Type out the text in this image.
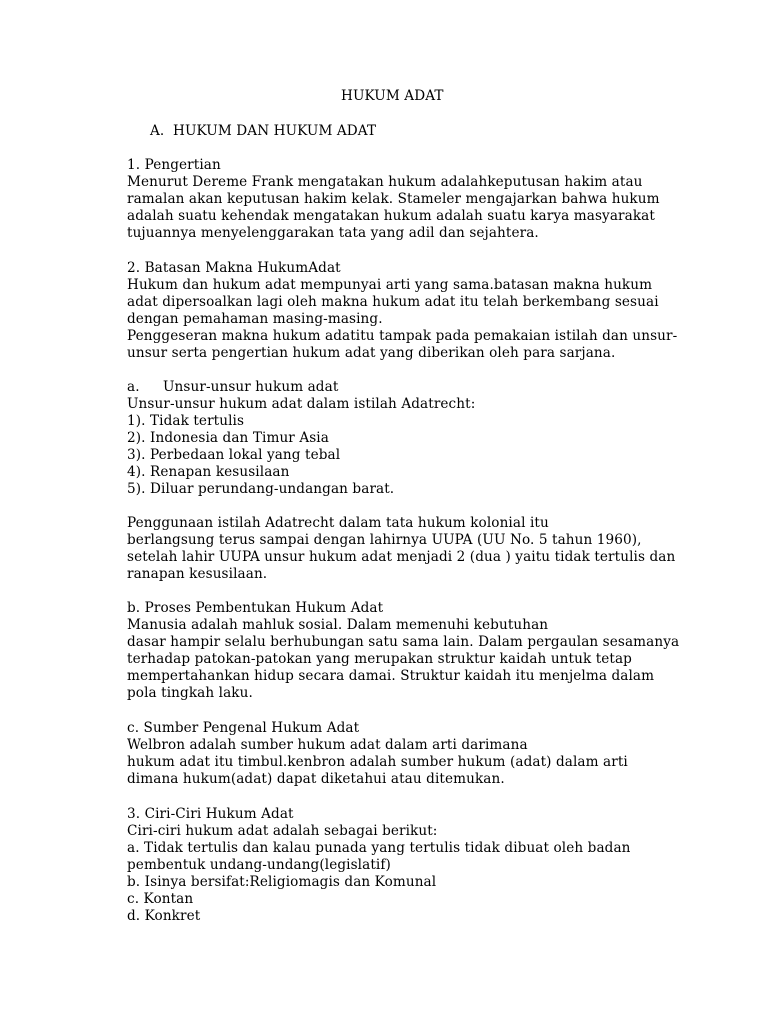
HUKUM ADAT
A. HUKUM DAN HUKUM ADAT
1. Pengertian
Menurut Dereme Frank mengatakan hukum adalahkeputusan hakim atau
ramalan akan keputusan hakim kelak. Stameler mengajarkan bahwa hukum
adalah suatu kehendak mengatakan hukum adalah suatu karya masyarakat
tujuannya menyelenggarakan tata yang adil dan sejahtera.
2. Batasan Makna HukumAdat
Hukum dan hukum adat mempunyai arti yang sama.batasan makna hukum
adat dipersoalkan lagi oleh makna hukum adat itu telah berkembang sesuai
dengan pemahaman masing-masing.
Penggeseran makna hukum adatitu tampak pada pemakaian istilah dan unsur-
unsur serta pengertian hukum adat yang diberikan oleh para sarjana.
a. Unsur-unsur hukum adat
Unsur-unsur hukum adat dalam istilah Adatrecht:
1). Tidak tertulis
2). Indonesia dan Timur Asia
3). Perbedaan lokal yang tebal
4). Renapan kesusilaan
5). Diluar perundang-undangan barat.
Penggunaan istilah Adatrecht dalam tata hukum kolonial itu
berlangsung terus sampai dengan lahirnya UUPA (UU No. 5 tahun 1960),
setelah lahir UUPA unsur hukum adat menjadi 2 (dua ) yaitu tidak tertulis dan
ranapan kesusilaan.
b. Proses Pembentukan Hukum Adat
Manusia adalah mahluk sosial. Dalam memenuhi kebutuhan
dasar hampir selalu berhubungan satu sama lain. Dalam pergaulan sesamanya
terhadap patokan-patokan yang merupakan struktur kaidah untuk tetap
mempertahankan hidup secara damai. Struktur kaidah itu menjelma dalam
pola tingkah laku.
c. Sumber Pengenal Hukum Adat
Welbron adalah sumber hukum adat dalam arti darimana
hukum adat itu timbul.kenbron adalah sumber hukum (adat) dalam arti
dimana hukum(adat) dapat diketahui atau ditemukan.
3. Ciri-Ciri Hukum Adat
Ciri-ciri hukum adat adalah sebagai berikut:
a. Tidak tertulis dan kalau punada yang tertulis tidak dibuat oleh badan
pembentuk undang-undang(legislatif)
b. Isinya bersifat:Religiomagis dan Komunal
c. Kontan
d. Konkret
